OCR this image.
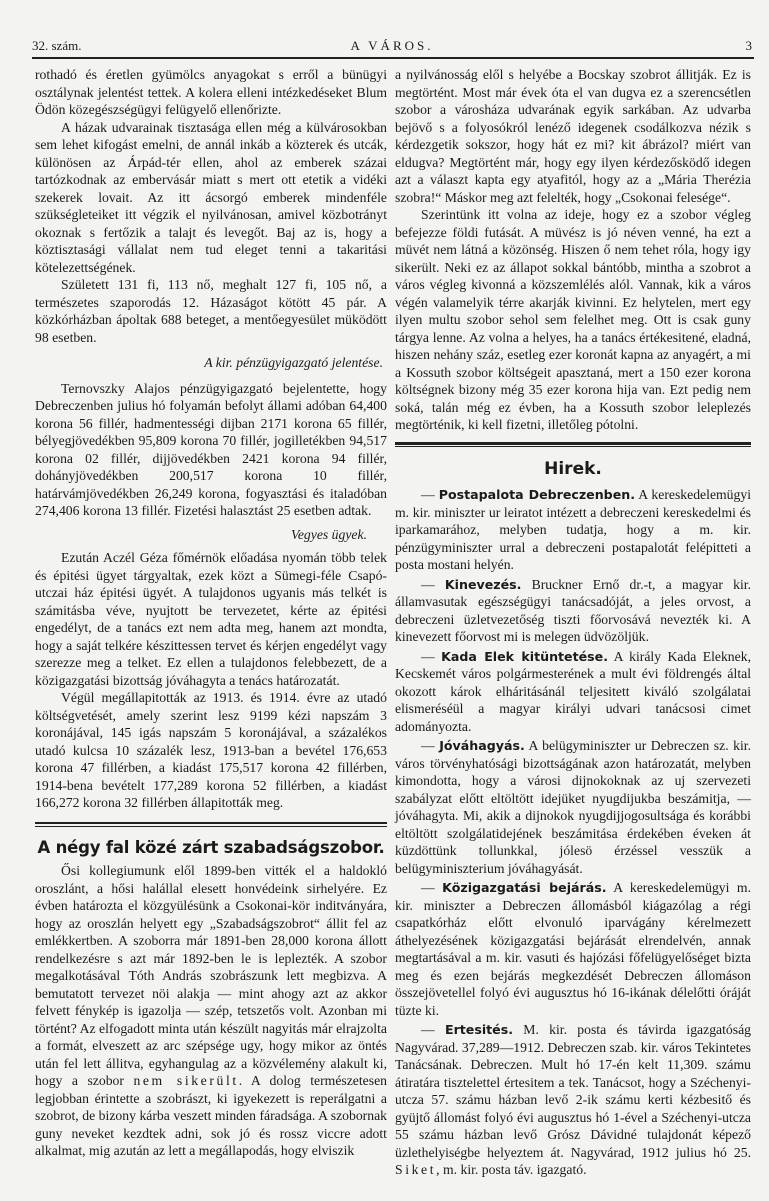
A VÁROS.
32. szám.	3

rothadó és éretlen gyümölcs anyagokat s erről a bünügyi osztálynak jelentést tettek. A kolera elleni intézkedéseket Blum Ödön közegészségügyi felügyelő ellenőrizte.

A házak udvarainak tisztasága ellen még a külvárosokban sem lehet kifogást emelni, de annál inkáb a közterek és utcák, különösen az Árpád-tér ellen, ahol az emberek százai tartózkodnak az embervásár miatt s mert ott etetik a vidéki szekerek lovait. Az itt ácsorgó emberek mindenféle szükségleteiket itt végzik el nyilvánosan, amivel közbotrányt okoznak s fertőzik a talajt és levegőt. Baj az is, hogy a köztisztasági vállalat nem tud eleget tenni a takaritási kötelezettségének.

Született 131 fi, 113 nő, meghalt 127 fi, 105 nő, a természetes szaporodás 12. Házaságot kötött 45 pár. A közkórházban ápoltak 688 beteget, a mentőegyesület müködött 98 esetben.

A kir. pénzügyigazgató jelentése.

Ternovszky Alajos pénzügyigazgató bejelentette, hogy Debreczenben julius hó folyamán befolyt állami adóban 64,400 korona 56 fillér, hadmentességi dijban 2171 korona 65 fillér, bélyegjövedékben 95,809 korona 70 fillér, jogilletékben 94,517 korona 02 fillér, dijjövedékben 2421 korona 94 fillér, dohányjövedékben 200,517 korona 10 fillér, határvámjövedékben 26,249 korona, fogyasztási és italadóban 274,406 korona 13 fillér. Fizetési halasztást 25 esetben adtak.

Vegyes ügyek.

Ezután Aczél Géza főmérnök előadása nyomán több telek és épitési ügyet tárgyaltak, ezek közt a Sümegi-féle Csapó-utczai ház épitési ügyét. A tulajdonos ugyanis más telkét is számitásba véve, nyujtott be tervezetet, kérte az épitési engedélyt, de a tanács ezt nem adta meg, hanem azt mondta, hogy a saját telkére készittessen tervet és kérjen engedélyt vagy szerezze meg a telket. Ez ellen a tulajdonos felebbezett, de a közigazgatási bizottság jóváhagyta a tenács határozatát.

Végül megállapitották az 1913. és 1914. évre az utadó költségvetését, amely szerint lesz 9199 kézi napszám 3 koronájával, 145 igás napszám 5 koronájával, a százalékos utadó kulcsa 10 százalék lesz, 1913-ban a bevétel 176,653 korona 47 fillérben, a kiadást 175,517 korona 42 fillérben, 1914-bena bevételt 177,289 korona 52 fillérben, a kiadást 166,272 korona 32 fillérben állapitották meg.

A négy fal közé zárt szabadságszobor.

Ősi kollegiumunk elől 1899-ben vitték el a haldokló oroszlánt, a hősi halállal elesett honvédeink sirhelyére. Ez évben határozta el közgyülésünk a Csokonai-kör inditványára, hogy az oroszlán helyett egy „Szabadságszobrot“ állit fel az emlékkertben. A szoborra már 1891-ben 28,000 korona állott rendelkezésre s azt már 1892-ben le is leplezték. A szobor megalkotásával Tóth András szobrászunk lett megbizva. A bemutatott tervezet nöi alakja — mint ahogy azt az akkor felvett fénykép is igazolja — szép, tetszetős volt. Azonban mi történt? Az elfogadott minta után készült nagyitás már elrajzolta a formát, elveszett az arc szépsége ugy, hogy mikor az öntés után fel lett állitva, egyhangulag az a közvélemény alakult ki, hogy a szobor nem sikerült. A dolog természetesen legjobban érintette a szobrászt, ki igyekezett is reperálgatni a szobrot, de bizony kárba veszett minden fáradsága. A szobornak guny neveket kezdtek adni, sok jó és rossz viccre adott alkalmat, mig azután az lett a megállapodás, hogy elviszik

a nyilvánosság elől s helyébe a Bocskay szobrot állitják. Ez is megtörtént. Most már évek óta el van dugva ez a szerencsétlen szobor a városháza udvarának egyik sarkában. Az udvarba bejövő s a folyosókról lenéző idegenek csodálkozva nézik s kérdezgetik sokszor, hogy hát ez mi? kit ábrázol? miért van eldugva? Megtörtént már, hogy egy ilyen kérdezősködő idegen azt a választ kapta egy atyafitól, hogy az a „Mária Therézia szobra!“ Máskor meg azt felelték, hogy „Csokonai felesége“.

Szerintünk itt volna az ideje, hogy ez a szobor végleg befejezze földi futását. A müvész is jó néven venné, ha ezt a müvét nem látná a közönség. Hiszen ő nem tehet róla, hogy igy sikerült. Neki ez az állapot sokkal bántóbb, mintha a szobrot a város végleg kivonná a közszemlélés alól. Vannak, kik a város végén valamelyik térre akarják kivinni. Ez helytelen, mert egy ilyen multu szobor sehol sem felelhet meg. Ott is csak guny tárgya lenne. Az volna a helyes, ha a tanács értékesitené, eladná, hiszen nehány száz, esetleg ezer koronát kapna az anyagért, a mi a Kossuth szobor költségeit apasztaná, mert a 150 ezer korona költségnek bizony még 35 ezer korona hija van. Ezt pedig nem soká, talán még ez évben, ha a Kossuth szobor leleplezés megtörténik, ki kell fizetni, illetőleg pótolni.

Hirek.

— Postapalota Debreczenben. A kereskedelemügyi m. kir. miniszter ur leiratot intézett a debreczeni kereskedelmi és iparkamarához, melyben tudatja, hogy a m. kir. pénzügyminiszter urral a debreczeni postapalotát felépitteti a posta mostani helyén.

— Kinevezés. Bruckner Ernő dr.-t, a magyar kir. államvasutak egészségügyi tanácsadóját, a jeles orvost, a debreczeni üzletvezetőség tiszti főorvosává nevezték ki. A kinevezett főorvost mi is melegen üdvözöljük.

— Kada Elek kitüntetése. A király Kada Eleknek, Kecskemét város polgármesterének a mult évi földrengés által okozott károk elháritásánál teljesitett kiváló szolgálatai elismeréséül a magyar királyi udvari tanácsosi cimet adományozta.

— Jóváhagyás. A belügyminiszter ur Debreczen sz. kir. város törvényhatósági bizottságának azon határozatát, melyben kimondotta, hogy a városi dijnokoknak az uj szervezeti szabályzat előtt eltöltött idejüket nyugdijukba beszámitja, — jóváhagyta. Mi, akik a dijnokok nyugdijjogosultsága és korábbi eltöltött szolgálatidejének beszámitása érdekében éveken át küzdöttünk tollunkkal, jólesö érzéssel vesszük a belügyminiszterium jóváhagyását.

— Közigazgatási bejárás. A kereskedelemügyi m. kir. miniszter a Debreczen állomásból kiágazólag a régi csapatkórház előtt elvonuló iparvágány kérelmezett áthelyezésének közigazgatási bejárását elrendelvén, annak megtartásával a m. kir. vasuti és hajózási főfelügyelőséget bizta meg és ezen bejárás megkezdését Debreczen állomáson összejövetellel folyó évi augusztus hó 16-ikának délelőtti óráját tüzte ki.

— Ertesités. M. kir. posta és távirda igazgatóság Nagyvárad. 37,289—1912. Debreczen szab. kir. város Tekintetes Tanácsának. Debreczen. Mult hó 17-én kelt 11,309. számu átiratára tisztelettel értesitem a tek. Tanácsot, hogy a Széchenyi-utcza 57. számu házban levő 2-ik számu kerti kézbesitő és gyüjtő állomást folyó évi augusztus hó 1-ével a Széchenyi-utcza 55 számu házban levő Grósz Dávidné tulajdonát képező üzlethelyiségbe helyeztem át. Nagyvárad, 1912 julius hó 25. Siket, m. kir. posta táv. igazgató.
